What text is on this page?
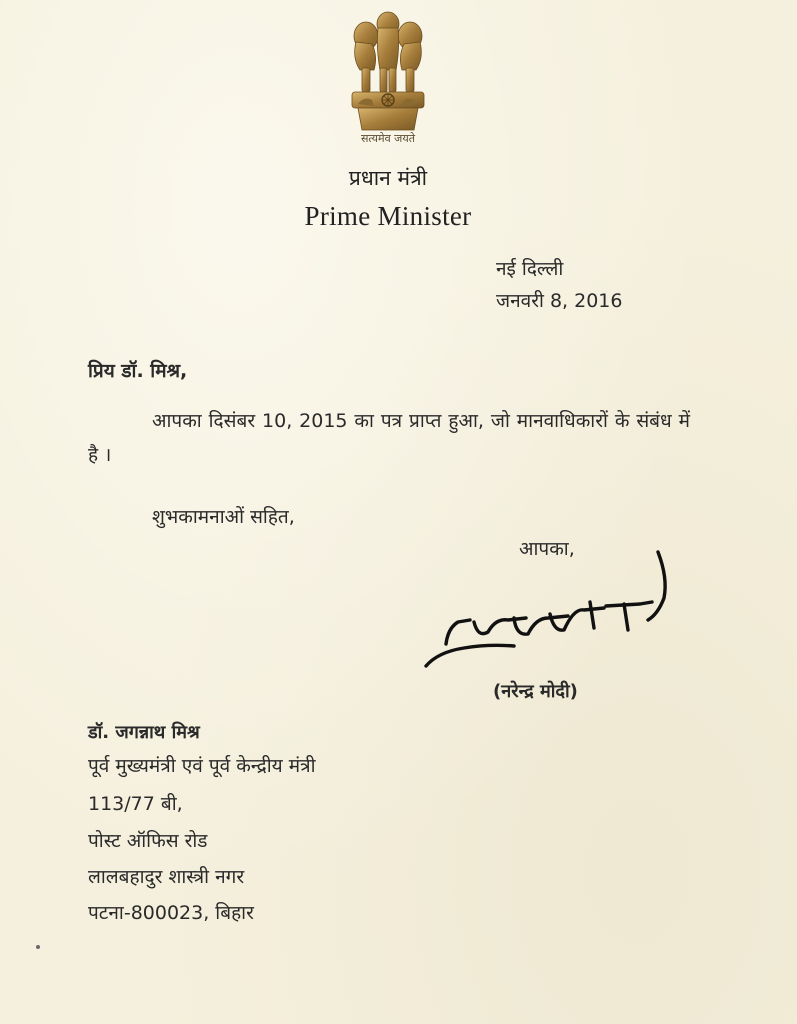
सत्यमेव जयते
प्रधान मंत्री
Prime Minister
नई दिल्ली
जनवरी 8, 2016
प्रिय डॉ. मिश्र,
आपका दिसंबर 10, 2015 का पत्र प्राप्त हुआ, जो मानवाधिकारों के संबंध में है ।
शुभकामनाओं सहित,
आपका,
(नरेन्द्र मोदी)
डॉ. जगन्नाथ मिश्र
पूर्व मुख्यमंत्री एवं पूर्व केन्द्रीय मंत्री
113/77 बी,
पोस्ट ऑफिस रोड
लालबहादुर शास्त्री नगर
पटना-800023, बिहार
